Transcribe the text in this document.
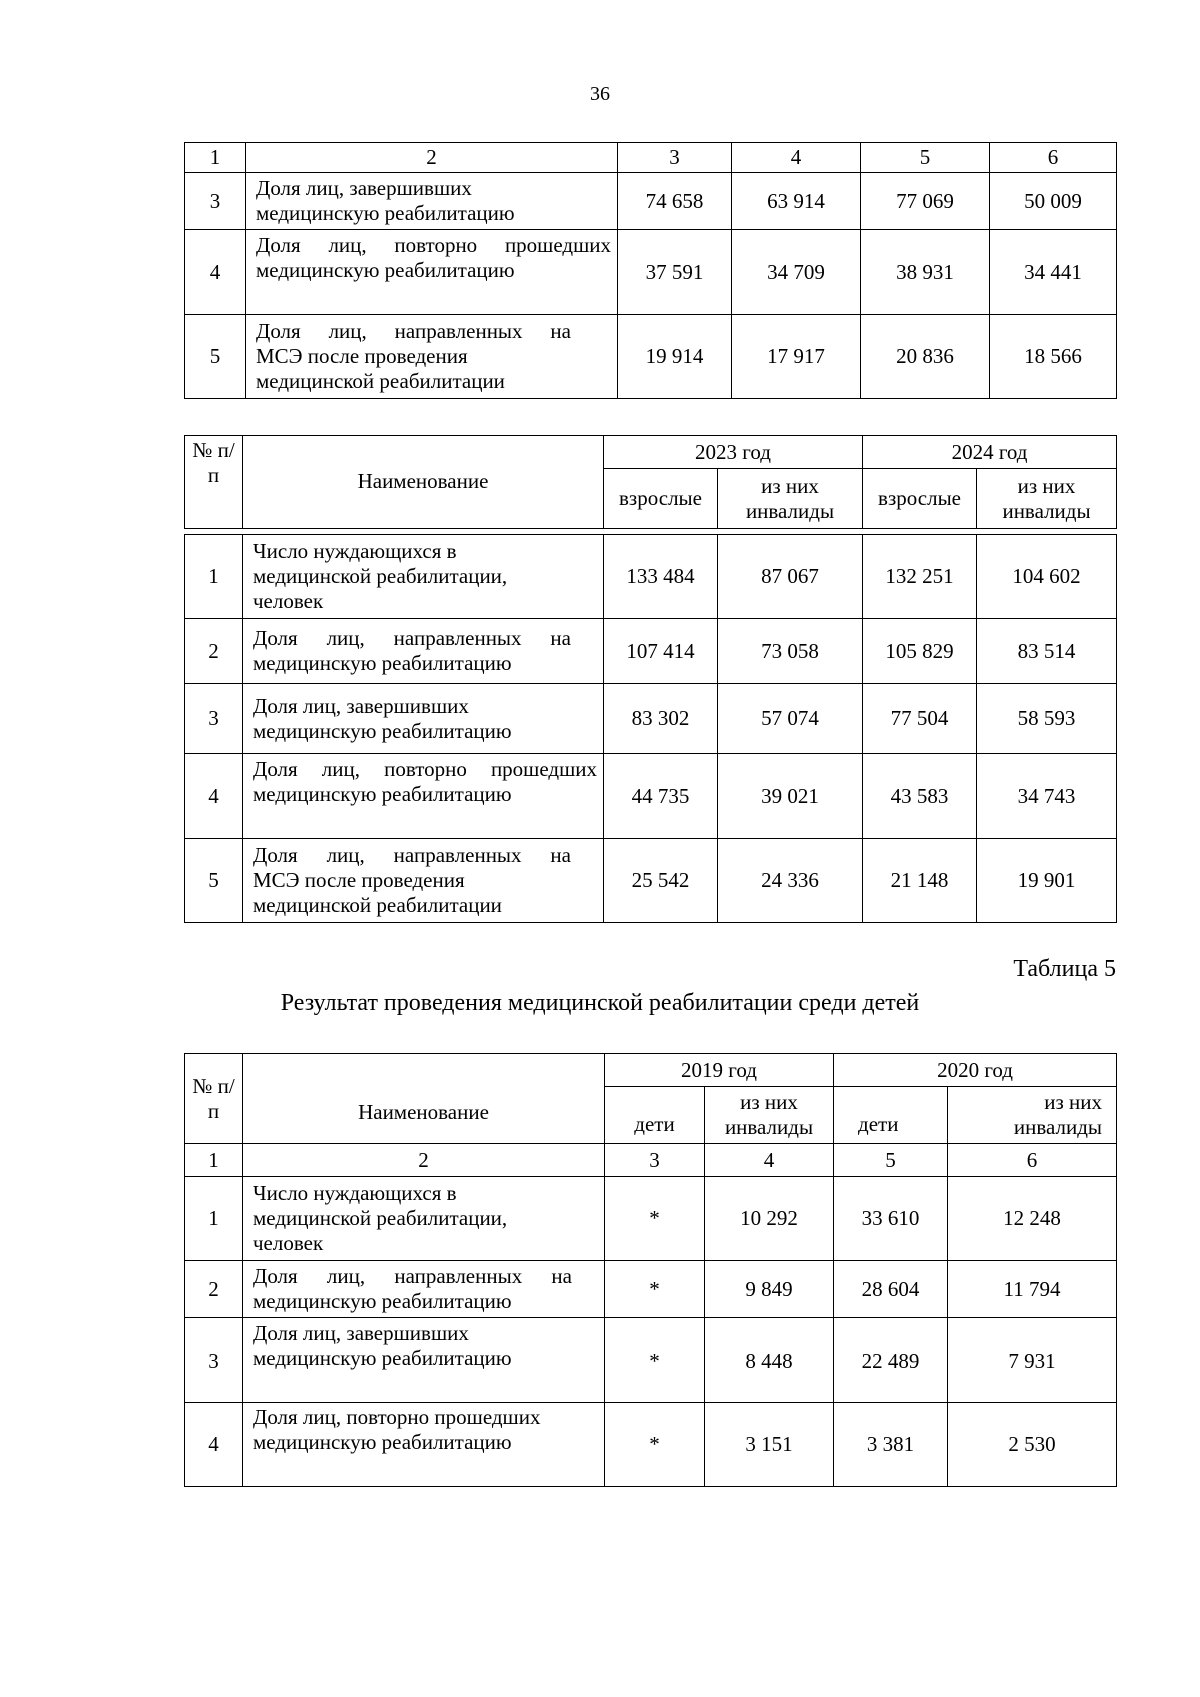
36
1	2	3	4	5	6
3	Доля лиц, завершивших
медицинскую реабилитацию	74 658	63 914	77 069	50 009
4	Доля лиц, повторно прошедших
медицинскую реабилитацию	37 591	34 709	38 931	34 441
5	Доля лиц, направленных на
МСЭ после проведения
медицинской реабилитации	19 914	17 917	20 836	18 566
№ п/п	Наименование	2023 год		2024 год	
		взрослые	из них инвалиды	взрослые	из них инвалиды

1	Число нуждающихся в
медицинской реабилитации,
человек	133 484	87 067	132 251	104 602
2	Доля лиц, направленных на
медицинскую реабилитацию	107 414	73 058	105 829	83 514
3	Доля лиц, завершивших
медицинскую реабилитацию	83 302	57 074	77 504	58 593
4	Доля лиц, повторно прошедших
медицинскую реабилитацию	44 735	39 021	43 583	34 743
5	Доля лиц, направленных на
МСЭ после проведения
медицинской реабилитации	25 542	24 336	21 148	19 901
Таблица 5
Результат проведения медицинской реабилитации среди детей
№ п/п	Наименование	2019 год		2020 год	
		дети	из них инвалиды	дети	из них инвалиды
1	2	3	4	5	6
1	Число нуждающихся в
медицинской реабилитации,
человек	*	10 292	33 610	12 248
2	Доля лиц, направленных на
медицинскую реабилитацию	*	9 849	28 604	11 794
3	Доля лиц, завершивших
медицинскую реабилитацию	*	8 448	22 489	7 931
4	Доля лиц, повторно прошедших
медицинскую реабилитацию	*	3 151	3 381	2 530
